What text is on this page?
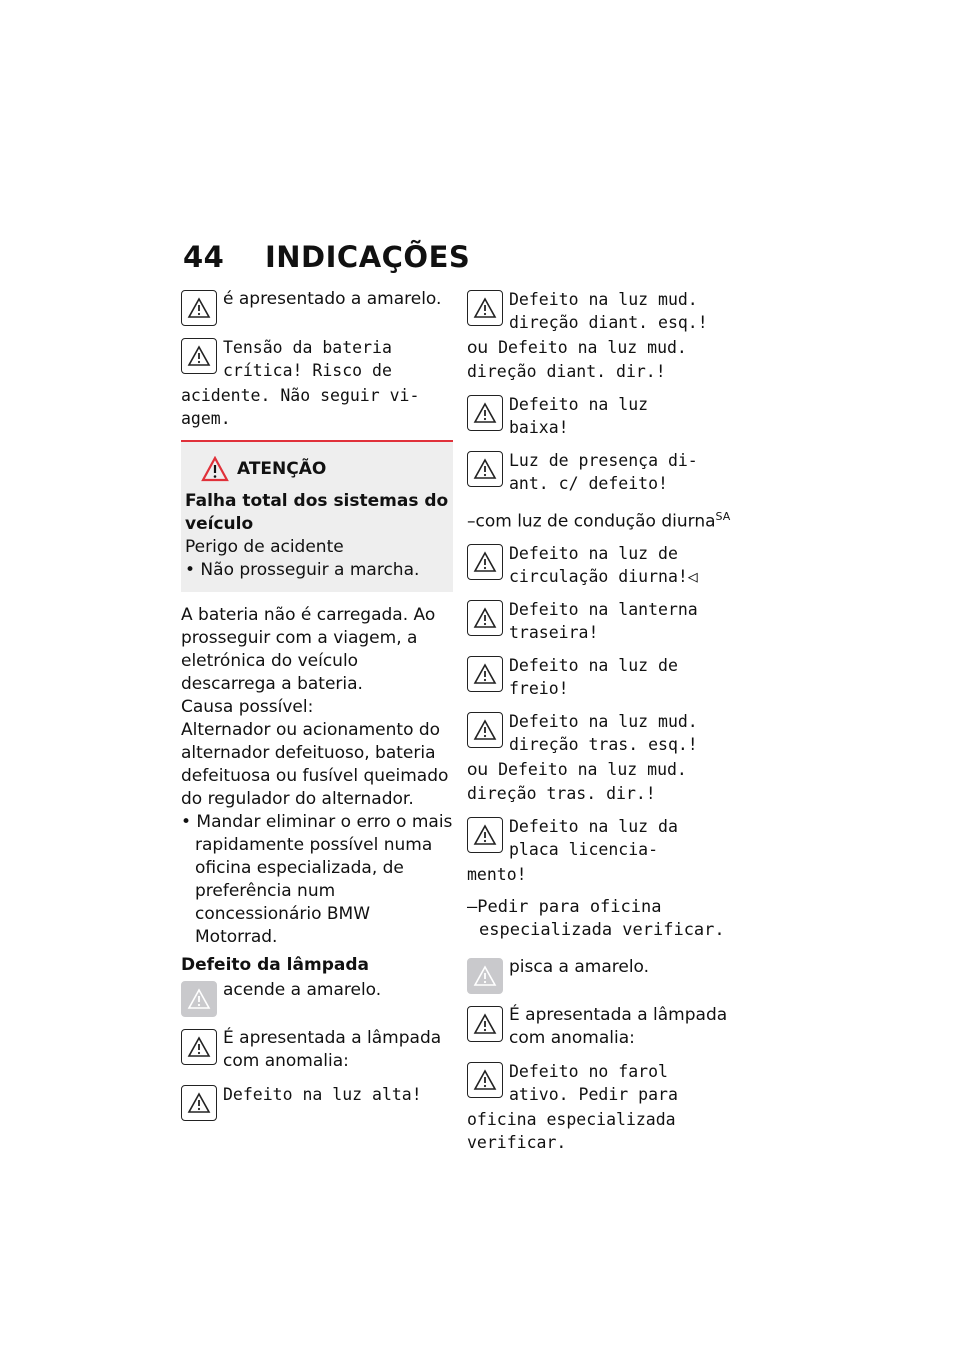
44 INDICAÇÕES
é apresentado a amarelo.
Tensão da bateria
crítica! Risco de
acidente. Não seguir vi-
agem.
ATENÇÃO
Falha total dos sistemas do veículo
Perigo de acidente
• Não prosseguir a marcha.
A bateria não é carregada. Ao prosseguir com a viagem, a eletrónica do veículo descarrega a bateria.
Causa possível:
Alternador ou acionamento do alternador defeituoso, bateria defeituosa ou fusível queimado do regulador do alternador.
• Mandar eliminar o erro o mais rapidamente possível numa oficina especializada, de preferência num concessionário BMW Motorrad.
Defeito da lâmpada
acende a amarelo.
É apresentada a lâmpada com anomalia:
Defeito na luz alta!
Defeito na luz mud.
direção diant. esq.!
ou Defeito na luz mud.
direção diant. dir.!
Defeito na luz
baixa!
Luz de presença di-
ant. c/ defeito!
–com luz de condução diurna$^{SA}$
Defeito na luz de
circulação diurna!◁
Defeito na lanterna
traseira!
Defeito na luz de
freio!
Defeito na luz mud.
direção tras. esq.!
ou Defeito na luz mud.
direção tras. dir.!
Defeito na luz da
placa licencia-
mento!
–Pedir para oficina especializada verificar.
pisca a amarelo.
É apresentada a lâmpada com anomalia:
Defeito no farol
ativo. Pedir para
oficina especializada
verificar.
